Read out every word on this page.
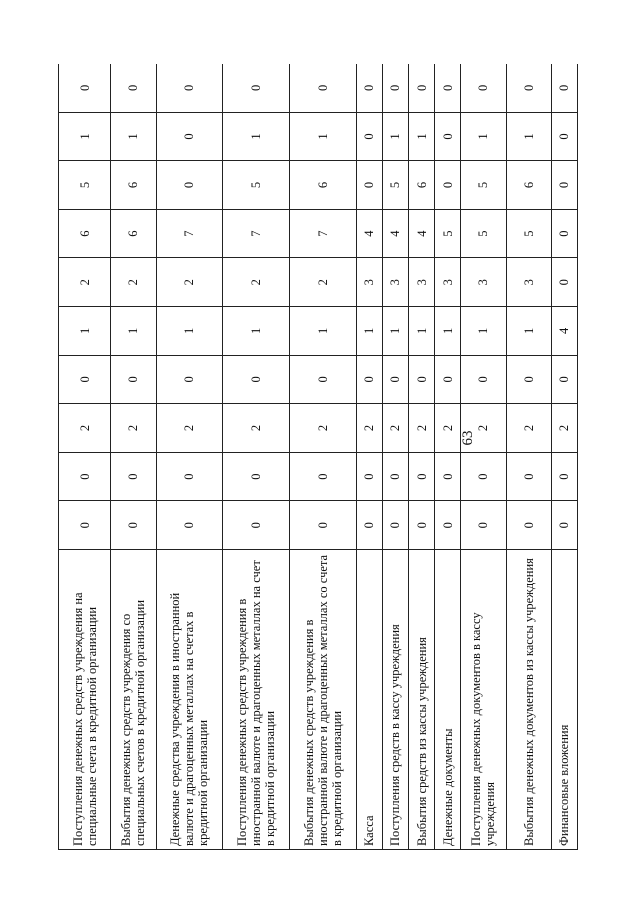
63
Поступления денежных средств учреждения на специальные счета в кредитной организации	0	0	2	0	1	2	6	5	1	0
Выбытия денежных средств учреждения со специальных счетов в кредитной организации	0	0	2	0	1	2	6	6	1	0
Денежные средства учреждения в иностранной валюте и драгоценных металлах на счетах в кредитной организации	0	0	2	0	1	2	7	0	0	0
Поступления денежных средств учреждения в иностранной валюте и драгоценных металлах на счет в кредитной организации	0	0	2	0	1	2	7	5	1	0
Выбытия денежных средств учреждения в иностранной валюте и драгоценных металлах со счета в кредитной организации	0	0	2	0	1	2	7	6	1	0
Касса	0	0	2	0	1	3	4	0	0	0
Поступления средств в кассу учреждения	0	0	2	0	1	3	4	5	1	0
Выбытия средств из кассы учреждения	0	0	2	0	1	3	4	6	1	0
Денежные документы	0	0	2	0	1	3	5	0	0	0
Поступления денежных документов в кассу учреждения	0	0	2	0	1	3	5	5	1	0
Выбытия денежных документов из кассы учреждения	0	0	2	0	1	3	5	6	1	0
Финансовые вложения	0	0	2	0	4	0	0	0	0	0
